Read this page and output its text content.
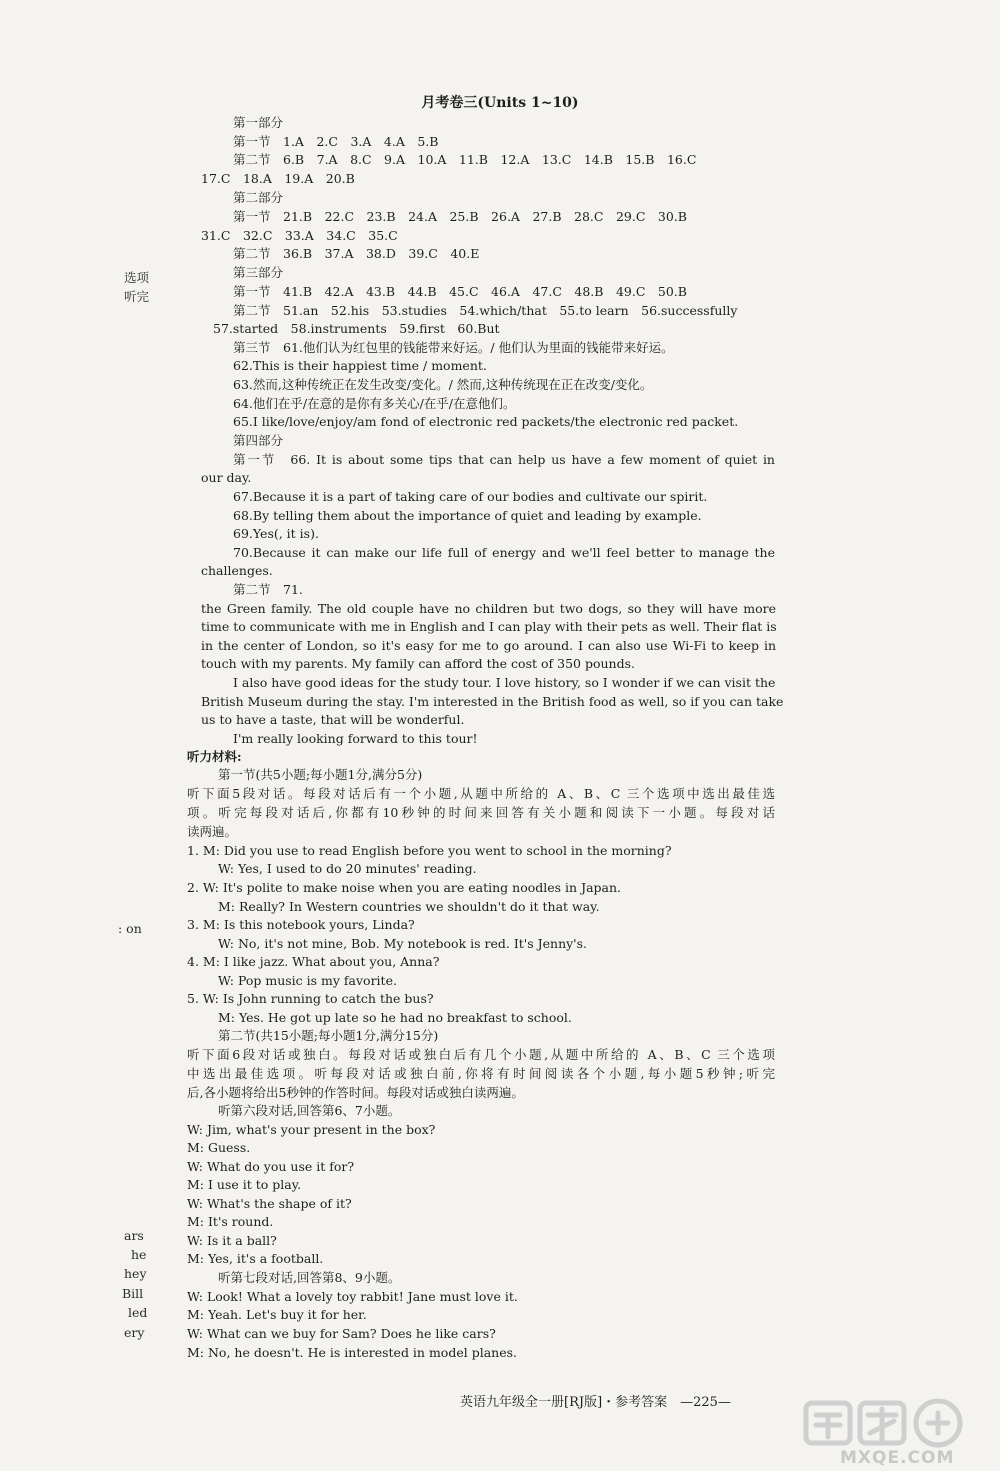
月考卷三(Units 1~10)
第一部分
第一节　1.A　2.C　3.A　4.A　5.B
第二节　6.B　7.A　8.C　9.A　10.A　11.B　12.A　13.C　14.B　15.B　16.C
17.C　18.A　19.A　20.B
第二部分
第一节　21.B　22.C　23.B　24.A　25.B　26.A　27.B　28.C　29.C　30.B
31.C　32.C　33.A　34.C　35.C
第二节　36.B　37.A　38.D　39.C　40.E
第三部分
第一节　41.B　42.A　43.B　44.B　45.C　46.A　47.C　48.B　49.C　50.B
第二节　51.an　52.his　53.studies　54.which/that　55.to learn　56.successfully
57.started　58.instruments　59.first　60.But
第三节　61.他们认为红包里的钱能带来好运。/ 他们认为里面的钱能带来好运。
62.This is their happiest time / moment.
63.然而,这种传统正在发生改变/变化。/ 然而,这种传统现在正在改变/变化。
64.他们在乎/在意的是你有多关心/在乎/在意他们。
65.I like/love/enjoy/am fond of electronic red packets/the electronic red packet.
第四部分
第一节　66. It is about some tips that can help us have a few moment of quiet in
our day.
67.Because it is a part of taking care of our bodies and cultivate our spirit.
68.By telling them about the importance of quiet and leading by example.
69.Yes(, it is).
70.Because it can make our life full of energy and we'll feel better to manage the
challenges.
第二节　71.
the Green family. The old couple have no children but two dogs, so they will have more
time to communicate with me in English and I can play with their pets as well. Their flat is
in the center of London, so it's easy for me to go around. I can also use Wi-Fi to keep in
touch with my parents. My family can afford the cost of 350 pounds.
I also have good ideas for the study tour. I love history, so I wonder if we can visit the
British Museum during the stay. I'm interested in the British food as well, so if you can take
us to have a taste, that will be wonderful.
I'm really looking forward to this tour!
听力材料:
第一节(共5小题;每小题1分,满分5分)
听下面5段对话。每段对话后有一个小题,从题中所给的 A、B、C 三个选项中选出最佳选
项。听完每段对话后,你都有10秒钟的时间来回答有关小题和阅读下一小题。每段对话
读两遍。
1. M: Did you use to read English before you went to school in the morning?
W: Yes, I used to do 20 minutes' reading.
2. W: It's polite to make noise when you are eating noodles in Japan.
M: Really? In Western countries we shouldn't do it that way.
3. M: Is this notebook yours, Linda?
W: No, it's not mine, Bob. My notebook is red. It's Jenny's.
4. M: I like jazz. What about you, Anna?
W: Pop music is my favorite.
5. W: Is John running to catch the bus?
M: Yes. He got up late so he had no breakfast to school.
第二节(共15小题;每小题1分,满分15分)
听下面6段对话或独白。每段对话或独白后有几个小题,从题中所给的 A、B、C 三个选项
中选出最佳选项。听每段对话或独白前,你将有时间阅读各个小题,每小题5秒钟;听完
后,各小题将给出5秒钟的作答时间。每段对话或独白读两遍。
听第六段对话,回答第6、7小题。
W: Jim, what's your present in the box?
M: Guess.
W: What do you use it for?
M: I use it to play.
W: What's the shape of it?
M: It's round.
W: Is it a ball?
M: Yes, it's a football.
听第七段对话,回答第8、9小题。
W: Look! What a lovely toy rabbit! Jane must love it.
M: Yeah. Let's buy it for her.
W: What can we buy for Sam? Does he like cars?
M: No, he doesn't. He is interested in model planes.
选项
听完
: on
ars
he
hey
Bill
led
ery
英语九年级全一册[RJ版]・参考答案　—225—
MXQE.COM
